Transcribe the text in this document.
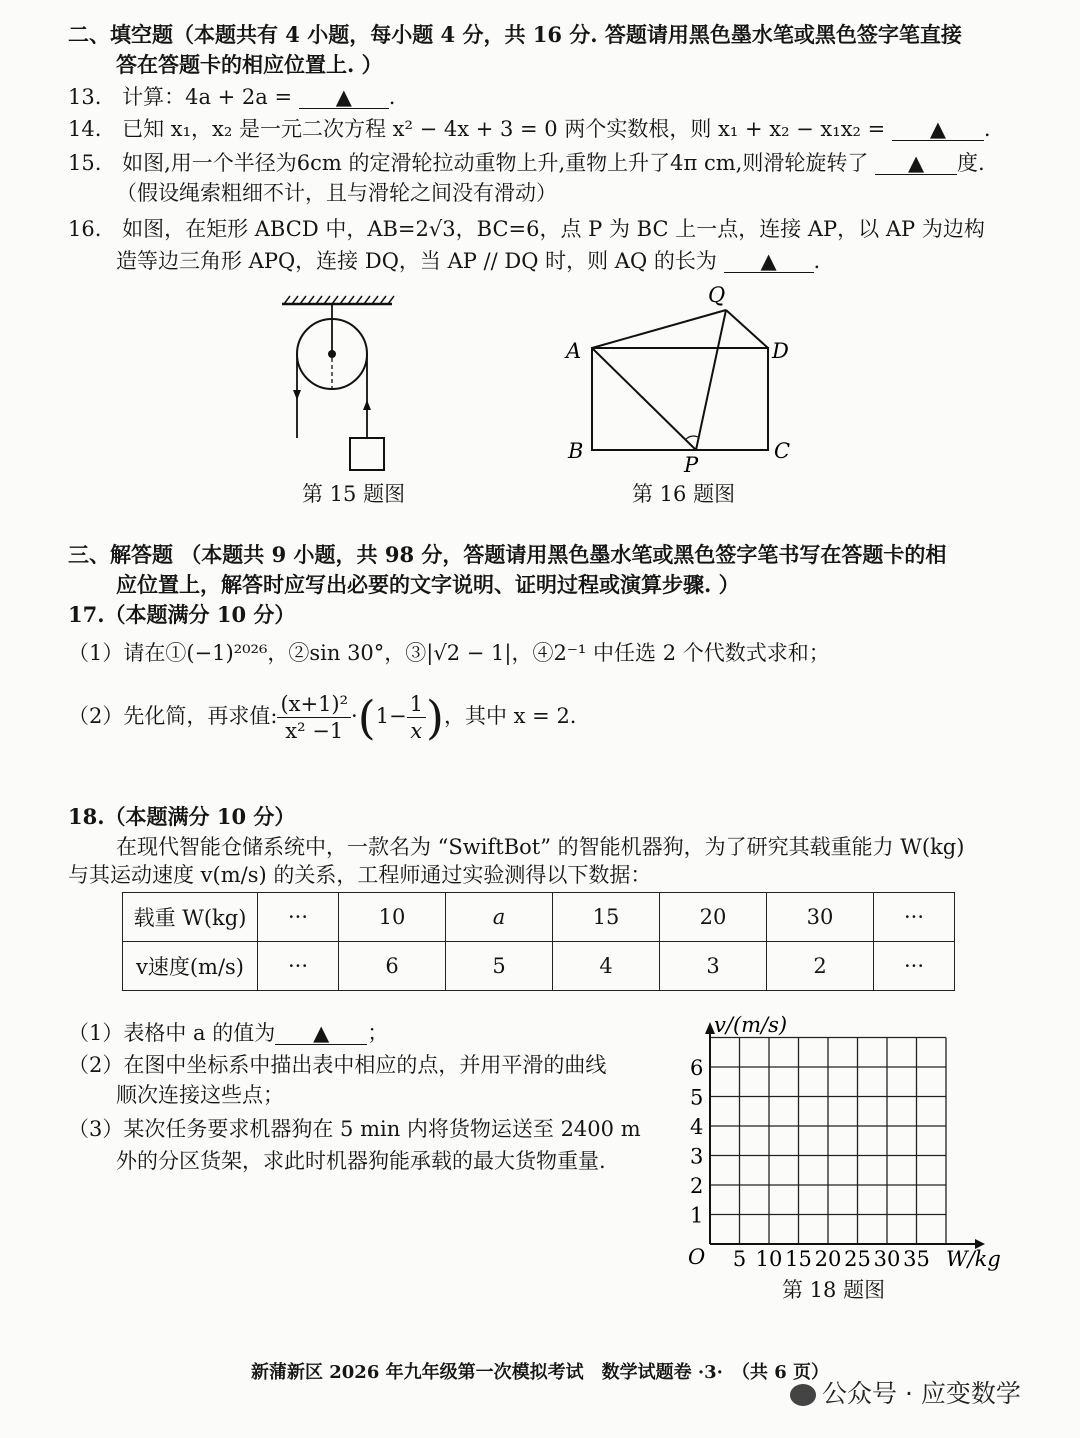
二、填空题（本题共有 4 小题，每小题 4 分，共 16 分. 答题请用黑色墨水笔或黑色签字笔直接
答在答题卡的相应位置上. ）
13. 计算：4a + 2a = ▲ .
14. 已知 x₁，x₂ 是一元二次方程 x² − 4x + 3 = 0 两个实数根，则 x₁ + x₂ − x₁x₂ = ▲ .
15. 如图,用一个半径为6cm 的定滑轮拉动重物上升,重物上升了4π cm,则滑轮旋转了 ▲ 度.
（假设绳索粗细不计，且与滑轮之间没有滑动）
16. 如图，在矩形 ABCD 中，AB=2√3，BC=6，点 P 为 BC 上一点，连接 AP，以 AP 为边构
造等边三角形 APQ，连接 DQ，当 AP // DQ 时，则 AQ 的长为 ▲ .
第 15 题图
Q
A	D
B	C
P
第 16 题图
三、解答题 （本题共 9 小题，共 98 分，答题请用黑色墨水笔或黑色签字笔书写在答题卡的相
应位置上，解答时应写出必要的文字说明、证明过程或演算步骤. ）
17.（本题满分 10 分）
（1）请在①(−1)²⁰²⁶，②sin 30°，③|√2 − 1|，④2⁻¹ 中任选 2 个代数式求和；
（2）先化简，再求值: $\frac{\text{(x+1)²}}{\text{x² −1}} \cdot(1- \frac{1}{x}$ )，其中 x = 2.
18.（本题满分 10 分）
在现代智能仓储系统中，一款名为 “SwiftBot” 的智能机器狗，为了研究其载重能力 W(kg)
与其运动速度 v(m/s) 的关系，工程师通过实验测得以下数据：
载重 W(kg)	···	10	a	15	20	30	···
v速度(m/s)	···	6	5	4	3	2	···
（1）表格中 a 的值为 ▲ ；
（2）在图中坐标系中描出表中相应的点，并用平滑的曲线
顺次连接这些点；
（3）某次任务要求机器狗在 5 min 内将货物运送至 2400 m
外的分区货架，求此时机器狗能承载的最大货物重量.
v/(m/s)
W/kg
O
1
2
3
4
5
6
5 10 15 20 25 30 35
第 18 题图
新蒲新区 2026 年九年级第一次模拟考试　数学试题卷 ·3·　（共 6 页）
公众号 · 应变数学
